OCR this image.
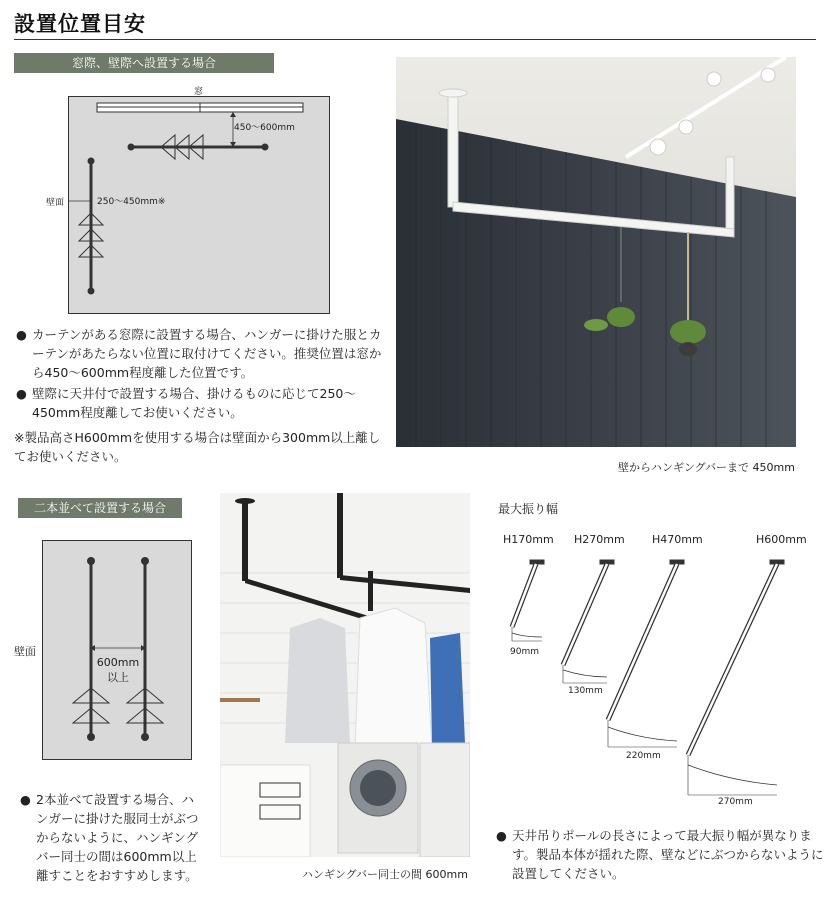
設置位置目安
窓際、壁際へ設置する場合
窓
450〜600mm
壁面	250〜450mm※
● カーテンがある窓際に設置する場合、ハンガーに掛けた服とカーテンがあたらない位置に取付けてください。推奨位置は窓から450〜600mm程度離した位置です。
● 壁際に天井付で設置する場合、掛けるものに応じて250〜450mm程度離してお使いください。
※製品高さH600mmを使用する場合は壁面から300mm以上離してお使いください。
壁からハンギングバーまで 450mm
二本並べて設置する場合
壁面
600mm
以上
● 2本並べて設置する場合、ハンガーに掛けた服同士がぶつからないように、ハンギングバー同士の間は600mm以上離すことをおすすめします。	ハンギングバー同士の間 600mm
最大振り幅
H170mm H270mm H470mm	H600mm
90mm
130mm
220mm
270mm
● 天井吊りポールの長さによって最大振り幅が異なります。製品本体が揺れた際、壁などにぶつからないように設置してください。
